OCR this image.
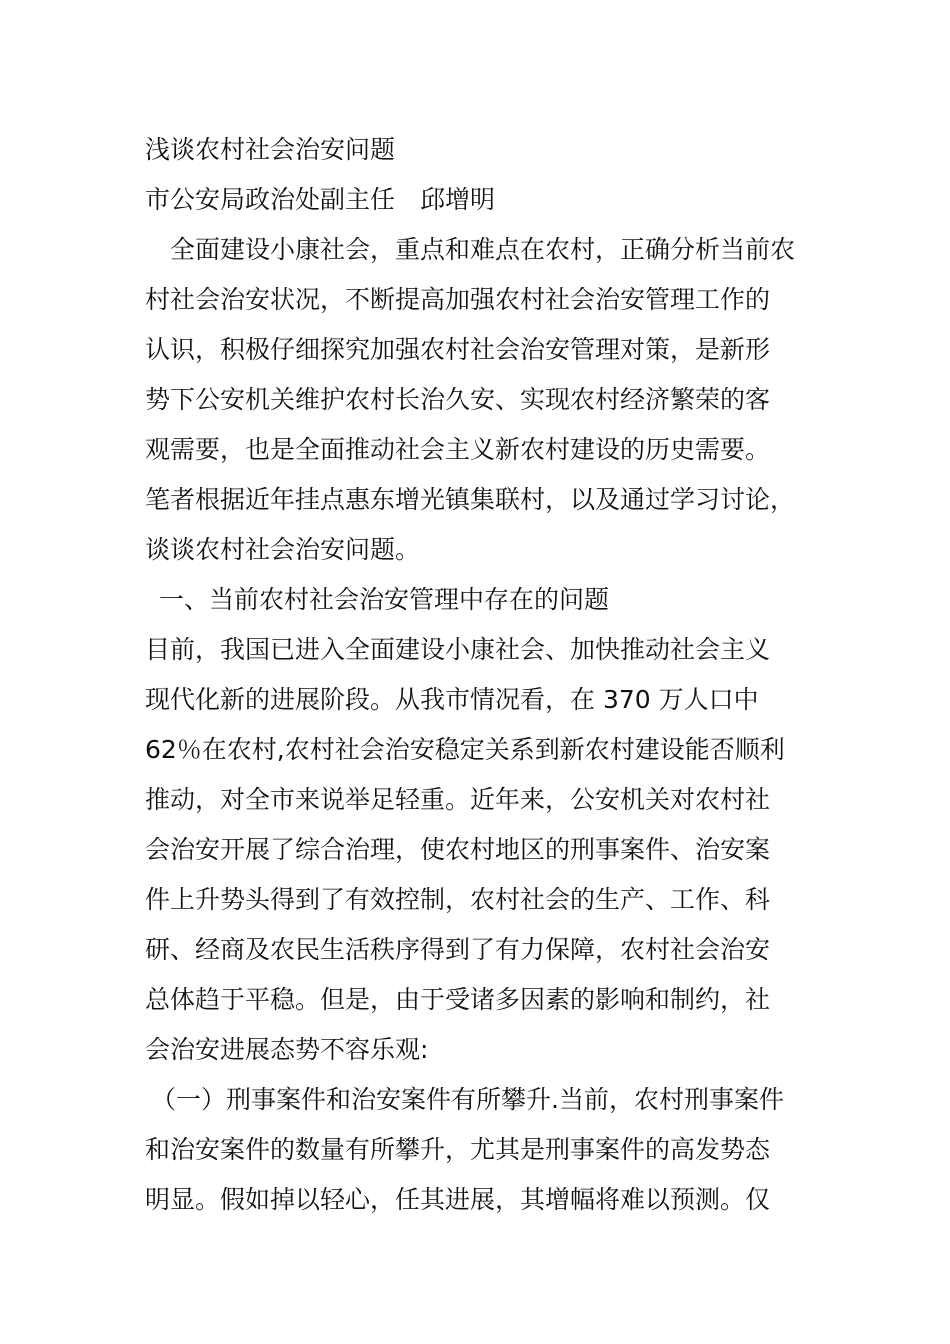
浅谈农村社会治安问题
市公安局政治处副主任　邱增明
全面建设小康社会，重点和难点在农村，正确分析当前农
村社会治安状况，不断提高加强农村社会治安管理工作的
认识，积极仔细探究加强农村社会治安管理对策，是新形
势下公安机关维护农村长治久安、实现农村经济繁荣的客
观需要，也是全面推动社会主义新农村建设的历史需要。
笔者根据近年挂点惠东增光镇集联村，以及通过学习讨论，
谈谈农村社会治安问题。
一、当前农村社会治安管理中存在的问题
目前，我国已进入全面建设小康社会、加快推动社会主义
现代化新的进展阶段。从我市情况看，在 370 万人口中
62％在农村,农村社会治安稳定关系到新农村建设能否顺利
推动，对全市来说举足轻重。近年来，公安机关对农村社
会治安开展了综合治理，使农村地区的刑事案件、治安案
件上升势头得到了有效控制，农村社会的生产、工作、科
研、经商及农民生活秩序得到了有力保障，农村社会治安
总体趋于平稳。但是，由于受诸多因素的影响和制约，社
会治安进展态势不容乐观:
（一）刑事案件和治安案件有所攀升.当前，农村刑事案件
和治安案件的数量有所攀升，尤其是刑事案件的高发势态
明显。假如掉以轻心，任其进展，其增幅将难以预测。仅
